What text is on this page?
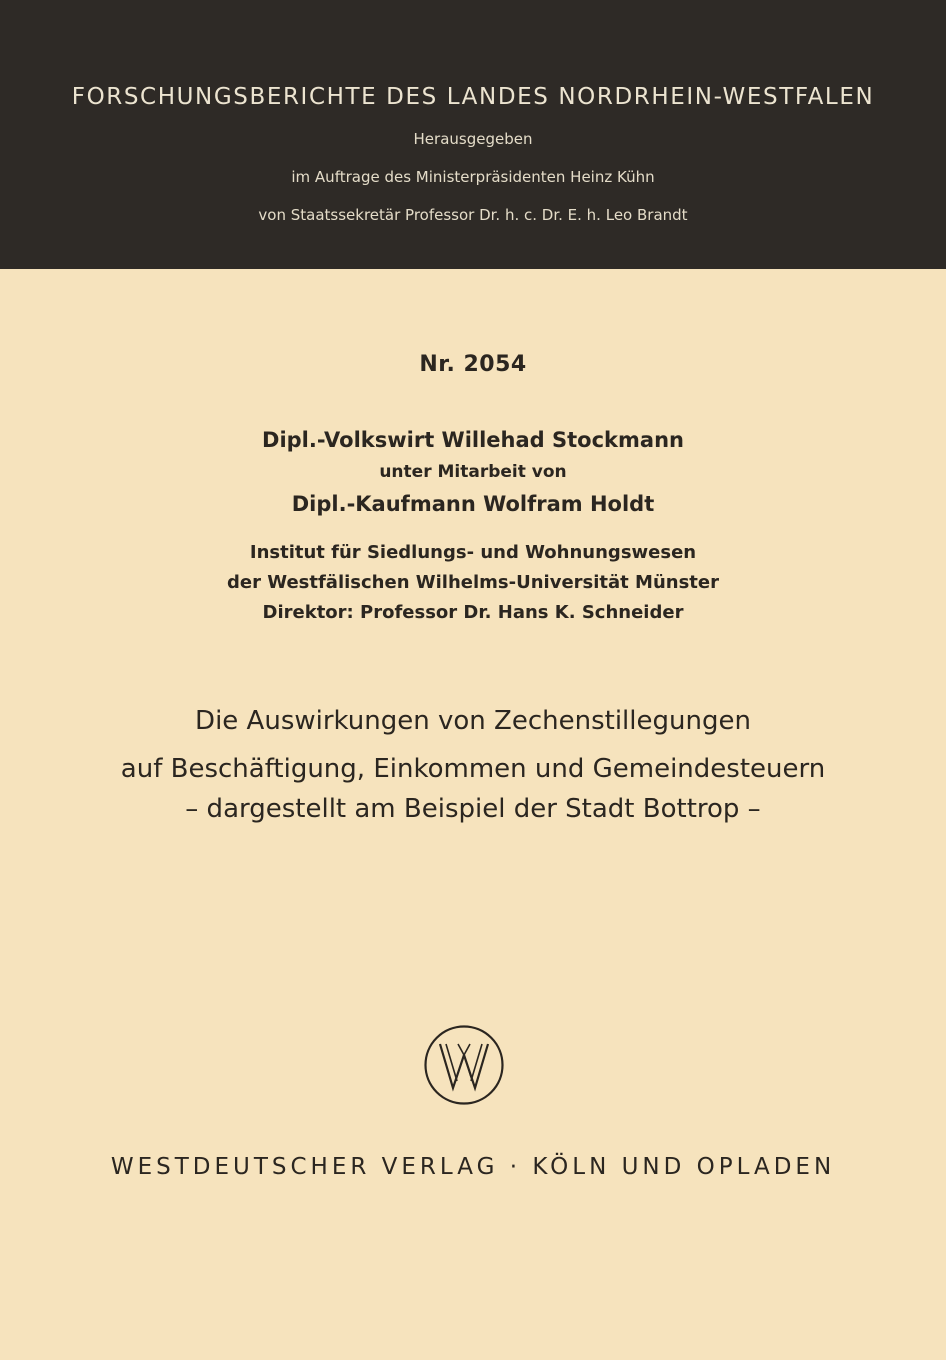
FORSCHUNGSBERICHTE DES LANDES NORDRHEIN-WESTFALEN
Herausgegeben
im Auftrage des Ministerpräsidenten Heinz Kühn
von Staatssekretär Professor Dr. h. c. Dr. E. h. Leo Brandt
Nr. 2054
Dipl.-Volkswirt Willehad Stockmann
unter Mitarbeit von
Dipl.-Kaufmann Wolfram Holdt
Institut für Siedlungs- und Wohnungswesen
der Westfälischen Wilhelms-Universität Münster
Direktor: Professor Dr. Hans K. Schneider
Die Auswirkungen von Zechenstillegungen
auf Beschäftigung, Einkommen und Gemeindesteuern
– dargestellt am Beispiel der Stadt Bottrop –
WESTDEUTSCHER VERLAG · KÖLN UND OPLADEN
